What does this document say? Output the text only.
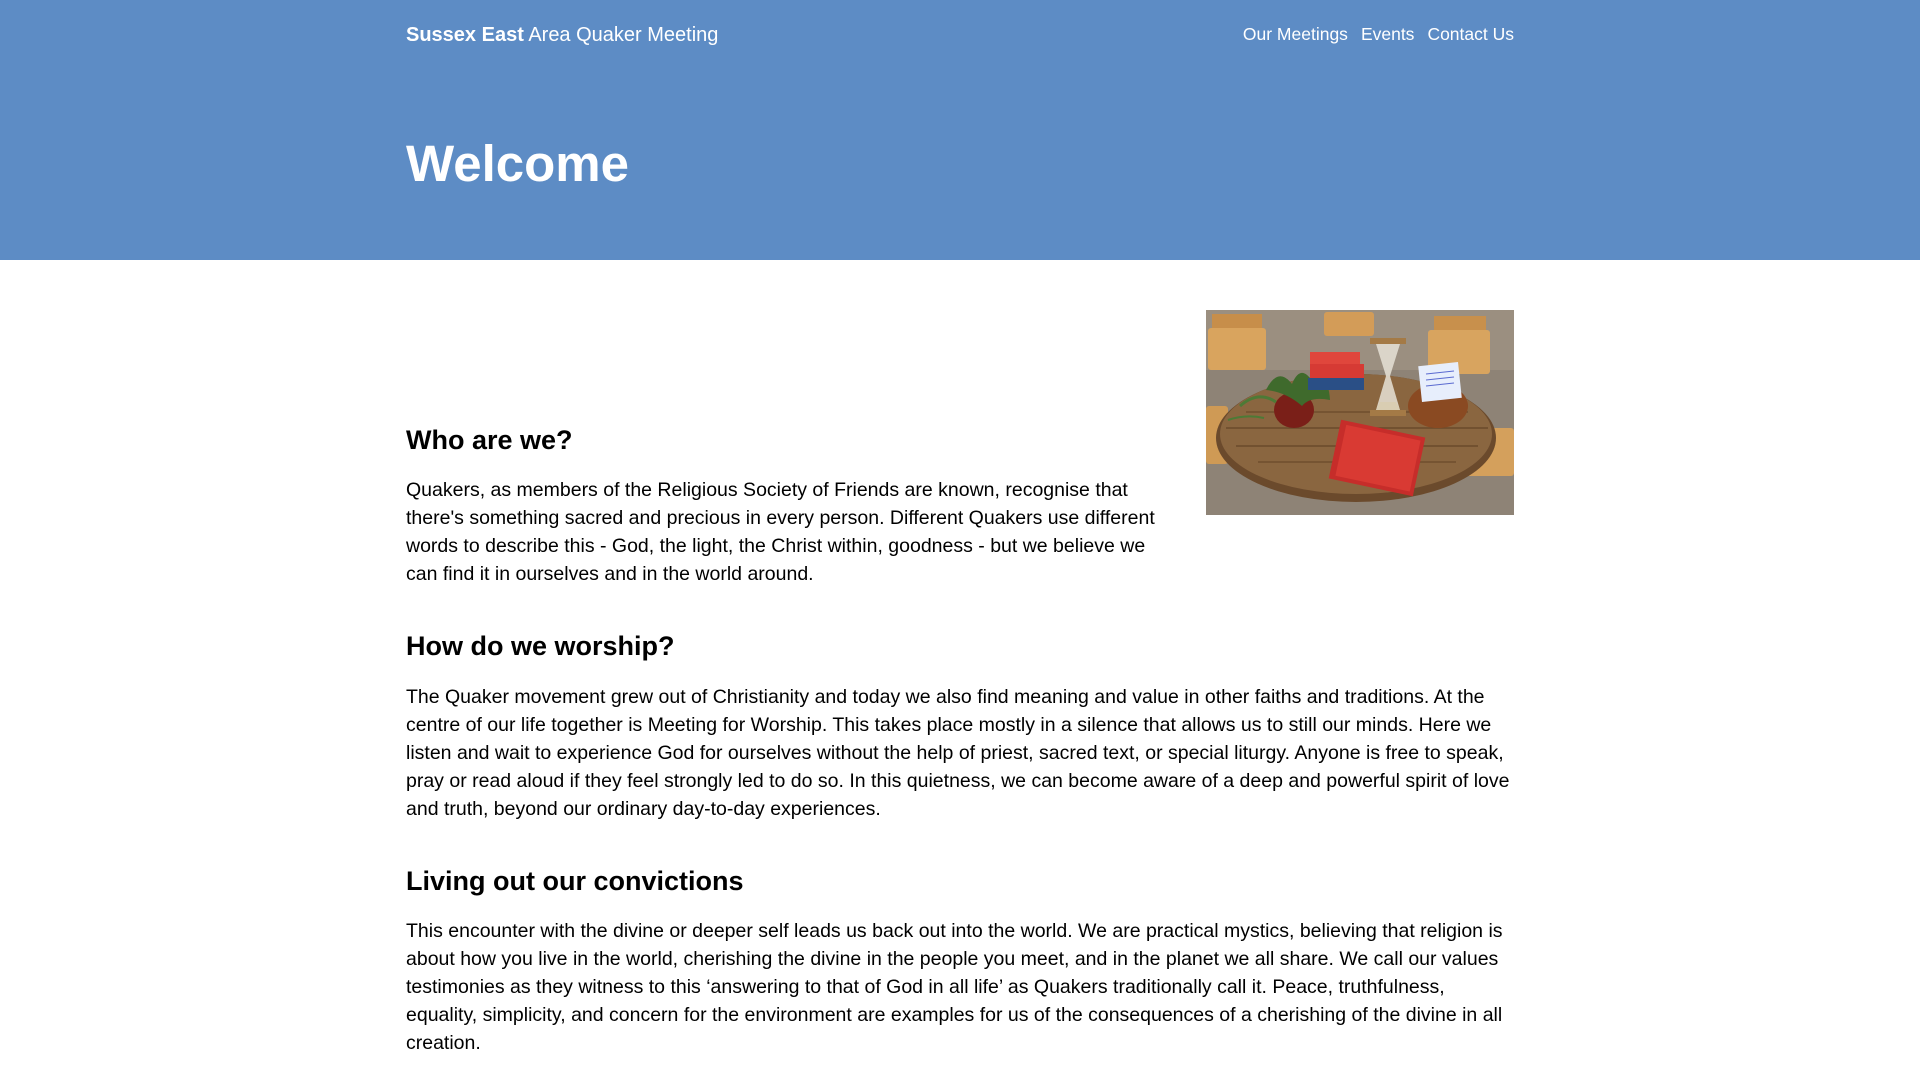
Sussex East Area Quaker Meeting	Our Meetings Events Contact Us
Welcome
Who are we?

Quakers, as members of the Religious Society of Friends are known, recognise that there's something sacred and precious in every person. Different Quakers use different words to describe this - God, the light, the Christ within, goodness - but we believe we can find it in ourselves and in the world around.

How do we worship?

The Quaker movement grew out of Christianity and today we also find meaning and value in other faiths and traditions. At the centre of our life together is Meeting for Worship. This takes place mostly in a silence that allows us to still our minds. Here we listen and wait to experience God for ourselves without the help of priest, sacred text, or special liturgy. Anyone is free to speak, pray or read aloud if they feel strongly led to do so. In this quietness, we can become aware of a deep and powerful spirit of love and truth, beyond our ordinary day-to-day experiences.

Living out our convictions

This encounter with the divine or deeper self leads us back out into the world. We are practical mystics, believing that religion is about how you live in the world, cherishing the divine in the people you meet, and in the planet we all share. We call our values testimonies as they witness to this ‘answering to that of God in all life’ as Quakers traditionally call it. Peace, truthfulness, equality, simplicity, and concern for the environment are examples for us of the consequences of a cherishing of the divine in all creation.
